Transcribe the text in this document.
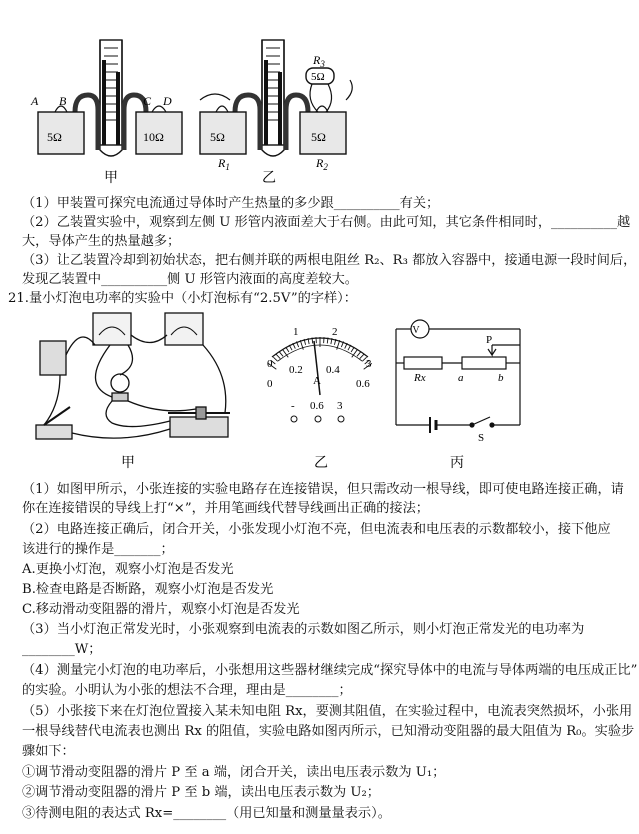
A B	C D
5Ω	10Ω	5Ω	5Ω
$R_3$
5Ω
$R_1$	$R_2$
甲	乙
（1）甲装置可探究电流通过导体时产生热量的多少跟__________有关；
（2）乙装置实验中，观察到左侧 U 形管内液面差大于右侧。由此可知，其它条件相同时，__________越
大，导体产生的热量越多；
（3）让乙装置冷却到初始状态，把右侧并联的两根电阻丝 R₂、R₃ 都放入容器中，接通电源一段时间后，
发现乙装置中__________侧 U 形管内液面的高度差较大。
21.量小灯泡电功率的实验中（小灯泡标有“2.5V”的字样）：
甲
0
1	2
3
0
0.2 0.4
0.6
A
- 0.6 3
乙
V
Rx	a	b
P
S
丙
（1）如图甲所示，小张连接的实验电路存在连接错误，但只需改动一根导线，即可使电路连接正确，请
你在连接错误的导线上打“×”，并用笔画线代替导线画出正确的接法；
（2）电路连接正确后，闭合开关，小张发现小灯泡不亮，但电流表和电压表的示数都较小，接下他应
该进行的操作是_______；
A.更换小灯泡，观察小灯泡是否发光
B.检查电路是否断路，观察小灯泡是否发光
C.移动滑动变阻器的滑片，观察小灯泡是否发光
（3）当小灯泡正常发光时，小张观察到电流表的示数如图乙所示，则小灯泡正常发光的电功率为
________W；
（4）测量完小灯泡的电功率后，小张想用这些器材继续完成“探究导体中的电流与导体两端的电压成正比”
的实验。小明认为小张的想法不合理，理由是________；
（5）小张接下来在灯泡位置接入某未知电阻 Rx，要测其阻值，在实验过程中，电流表突然损坏，小张用
一根导线替代电流表也测出 Rx 的阻值，实验电路如图丙所示，已知滑动变阻器的最大阻值为 R₀。实验步
骤如下：
①调节滑动变阻器的滑片 P 至 a 端，闭合开关，读出电压表示数为 U₁；
②调节滑动变阻器的滑片 P 至 b 端，读出电压表示数为 U₂；
③待测电阻的表达式 Rx=________（用已知量和测量量表示）。
